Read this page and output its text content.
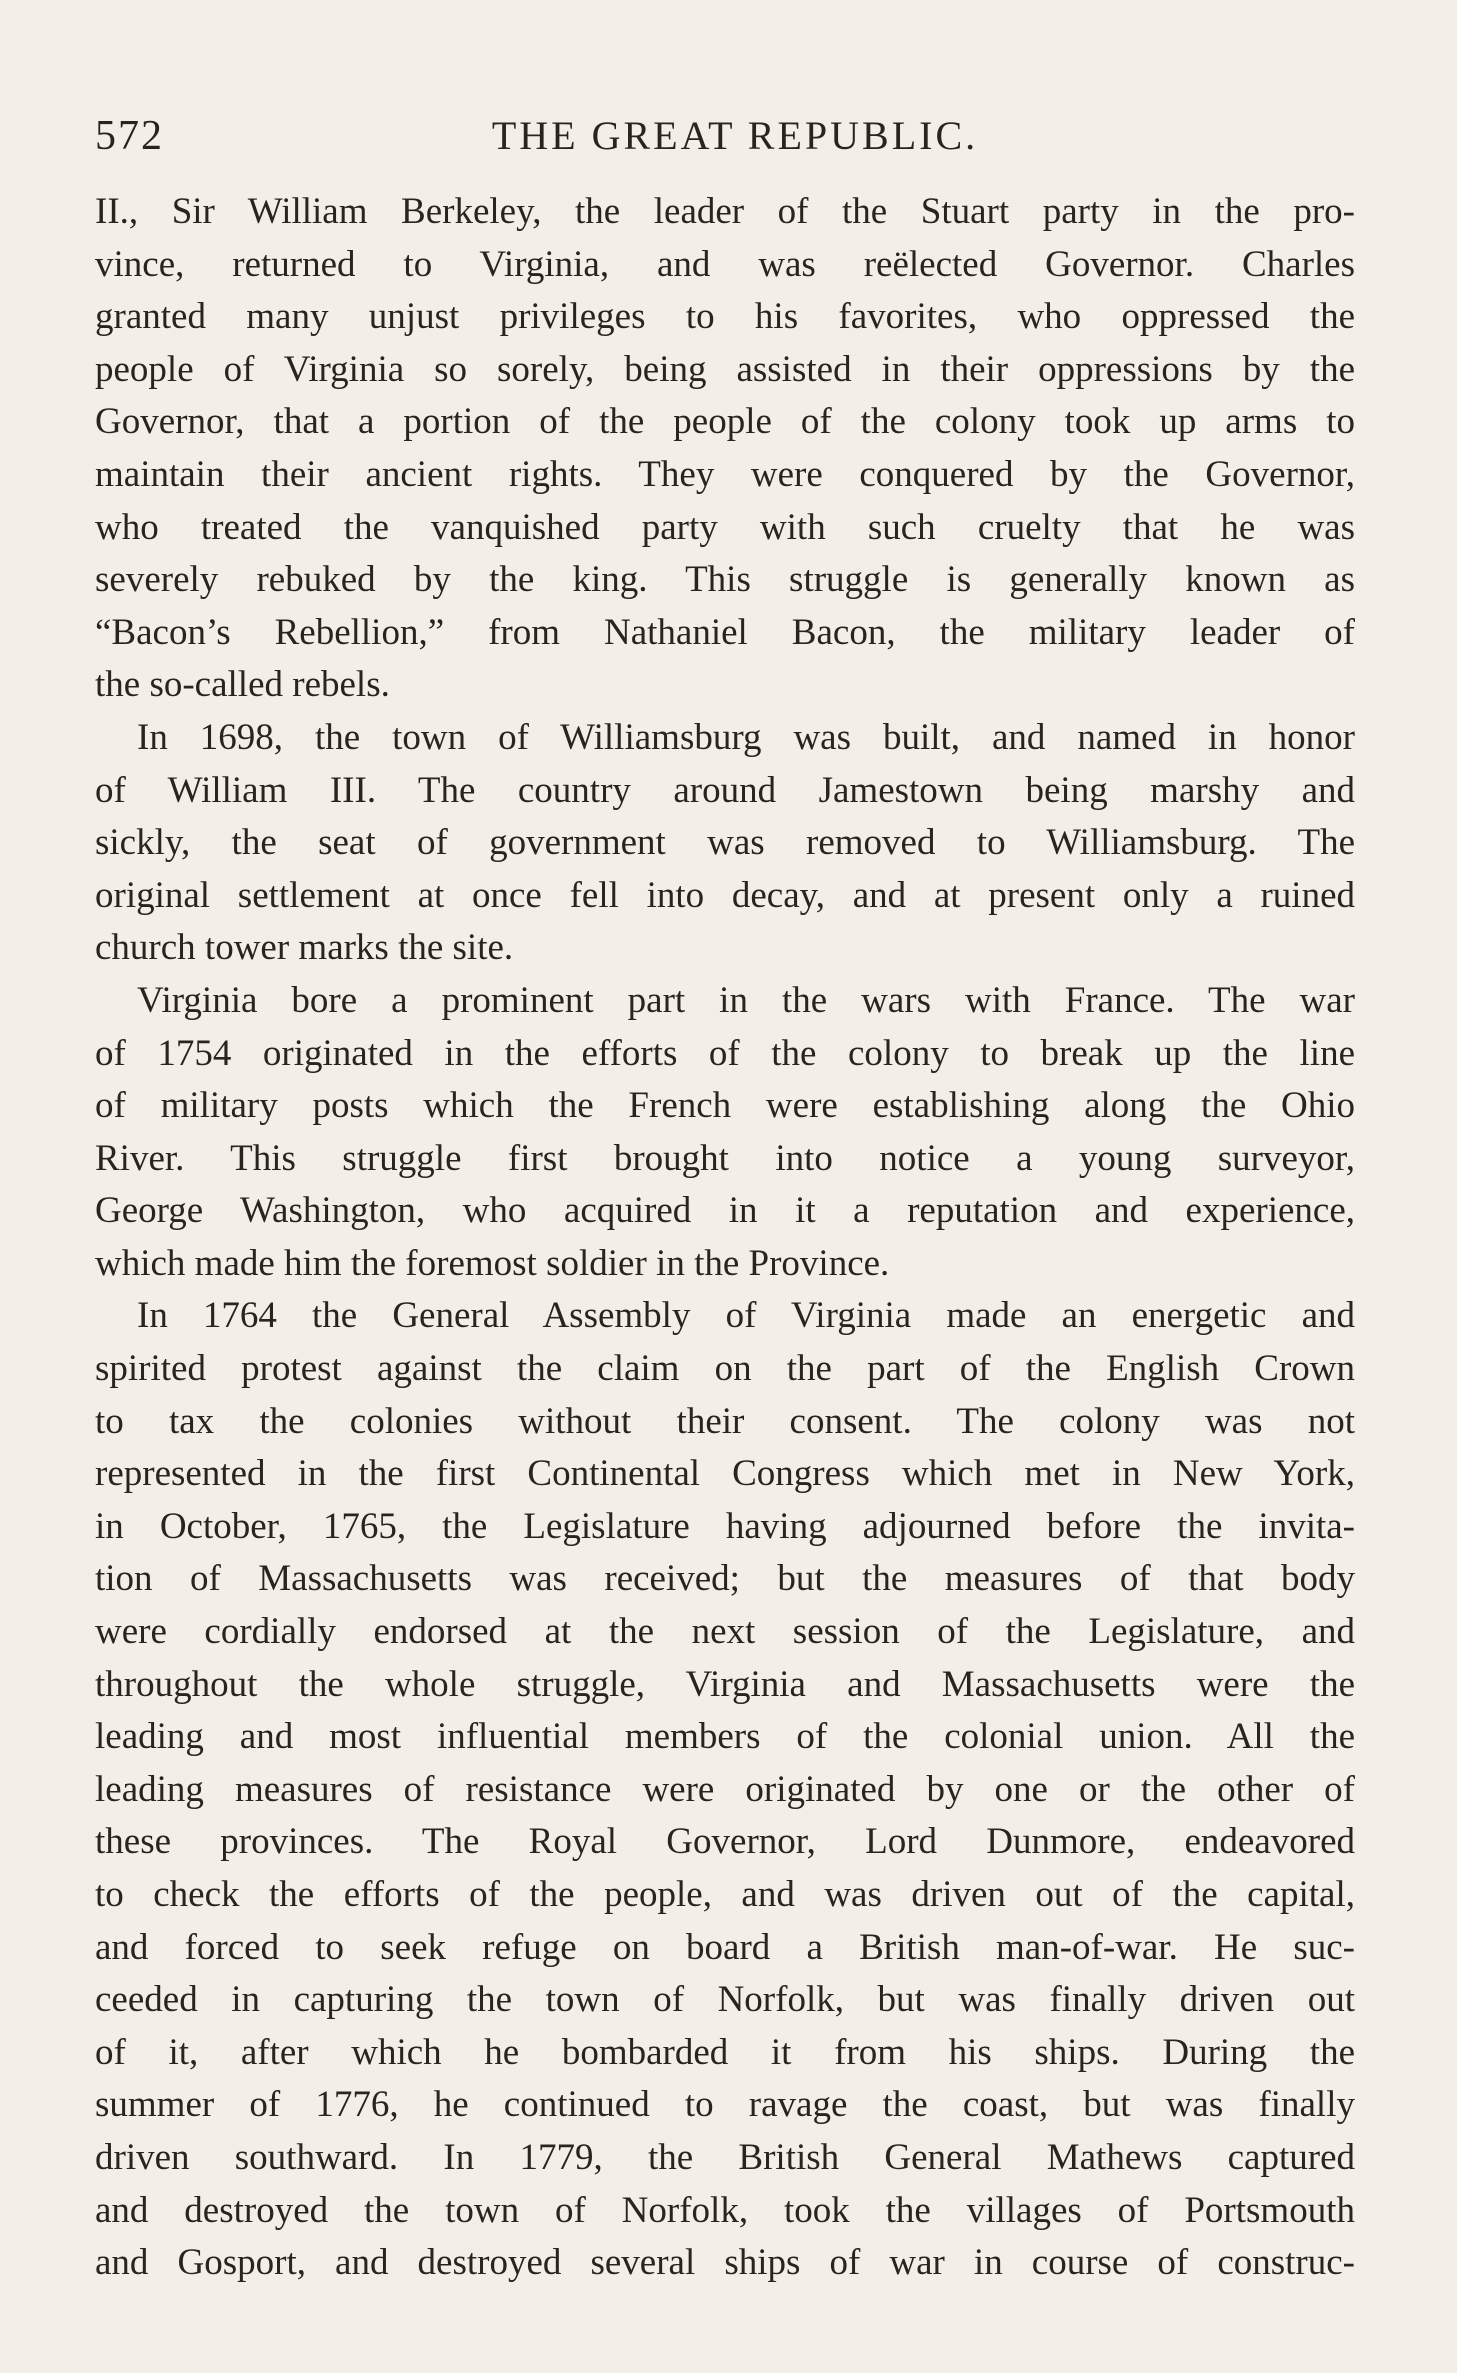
572	THE GREAT REPUBLIC.
II., Sir William Berkeley, the leader of the Stuart party in the pro-
vince, returned to Virginia, and was reëlected Governor. Charles
granted many unjust privileges to his favorites, who oppressed the
people of Virginia so sorely, being assisted in their oppressions by the
Governor, that a portion of the people of the colony took up arms to
maintain their ancient rights. They were conquered by the Governor,
who treated the vanquished party with such cruelty that he was
severely rebuked by the king. This struggle is generally known as
“Bacon’s Rebellion,” from Nathaniel Bacon, the military leader of
the so-called rebels.
In 1698, the town of Williamsburg was built, and named in honor
of William III. The country around Jamestown being marshy and
sickly, the seat of government was removed to Williamsburg. The
original settlement at once fell into decay, and at present only a ruined
church tower marks the site.
Virginia bore a prominent part in the wars with France. The war
of 1754 originated in the efforts of the colony to break up the line
of military posts which the French were establishing along the Ohio
River. This struggle first brought into notice a young surveyor,
George Washington, who acquired in it a reputation and experience,
which made him the foremost soldier in the Province.
In 1764 the General Assembly of Virginia made an energetic and
spirited protest against the claim on the part of the English Crown
to tax the colonies without their consent. The colony was not
represented in the first Continental Congress which met in New York,
in October, 1765, the Legislature having adjourned before the invita-
tion of Massachusetts was received; but the measures of that body
were cordially endorsed at the next session of the Legislature, and
throughout the whole struggle, Virginia and Massachusetts were the
leading and most influential members of the colonial union. All the
leading measures of resistance were originated by one or the other of
these provinces. The Royal Governor, Lord Dunmore, endeavored
to check the efforts of the people, and was driven out of the capital,
and forced to seek refuge on board a British man-of-war. He suc-
ceeded in capturing the town of Norfolk, but was finally driven out
of it, after which he bombarded it from his ships. During the
summer of 1776, he continued to ravage the coast, but was finally
driven southward. In 1779, the British General Mathews captured
and destroyed the town of Norfolk, took the villages of Portsmouth
and Gosport, and destroyed several ships of war in course of construc-
